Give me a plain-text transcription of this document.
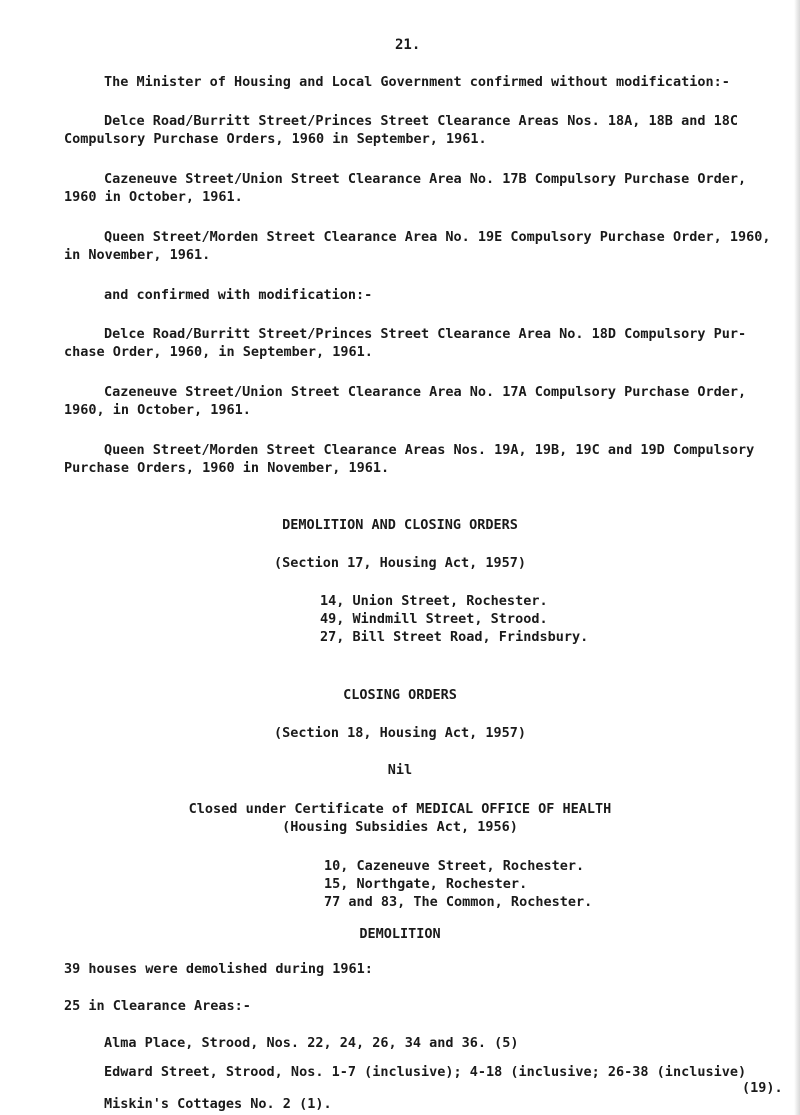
21.
The Minister of Housing and Local Government confirmed without modification:-
Delce Road/Burritt Street/Princes Street Clearance Areas Nos. 18A, 18B and 18C
Compulsory Purchase Orders, 1960 in September, 1961.
Cazeneuve Street/Union Street Clearance Area No. 17B Compulsory Purchase Order,
1960 in October, 1961.
Queen Street/Morden Street Clearance Area No. 19E Compulsory Purchase Order, 1960,
in November, 1961.
and confirmed with modification:-
Delce Road/Burritt Street/Princes Street Clearance Area No. 18D Compulsory Pur-
chase Order, 1960, in September, 1961.
Cazeneuve Street/Union Street Clearance Area No. 17A Compulsory Purchase Order,
1960, in October, 1961.
Queen Street/Morden Street Clearance Areas Nos. 19A, 19B, 19C and 19D Compulsory
Purchase Orders, 1960 in November, 1961.
DEMOLITION AND CLOSING ORDERS
(Section 17, Housing Act, 1957)
14, Union Street, Rochester.
49, Windmill Street, Strood.
27, Bill Street Road, Frindsbury.
CLOSING ORDERS
(Section 18, Housing Act, 1957)
Nil
Closed under Certificate of MEDICAL OFFICE OF HEALTH
(Housing Subsidies Act, 1956)
10, Cazeneuve Street, Rochester.
15, Northgate, Rochester.
77 and 83, The Common, Rochester.
DEMOLITION
39 houses were demolished during 1961:
25 in Clearance Areas:-
Alma Place, Strood, Nos. 22, 24, 26, 34 and 36. (5)
Edward Street, Strood, Nos. 1-7 (inclusive); 4-18 (inclusive; 26-38 (inclusive)
(19).
Miskin's Cottages No. 2 (1).
